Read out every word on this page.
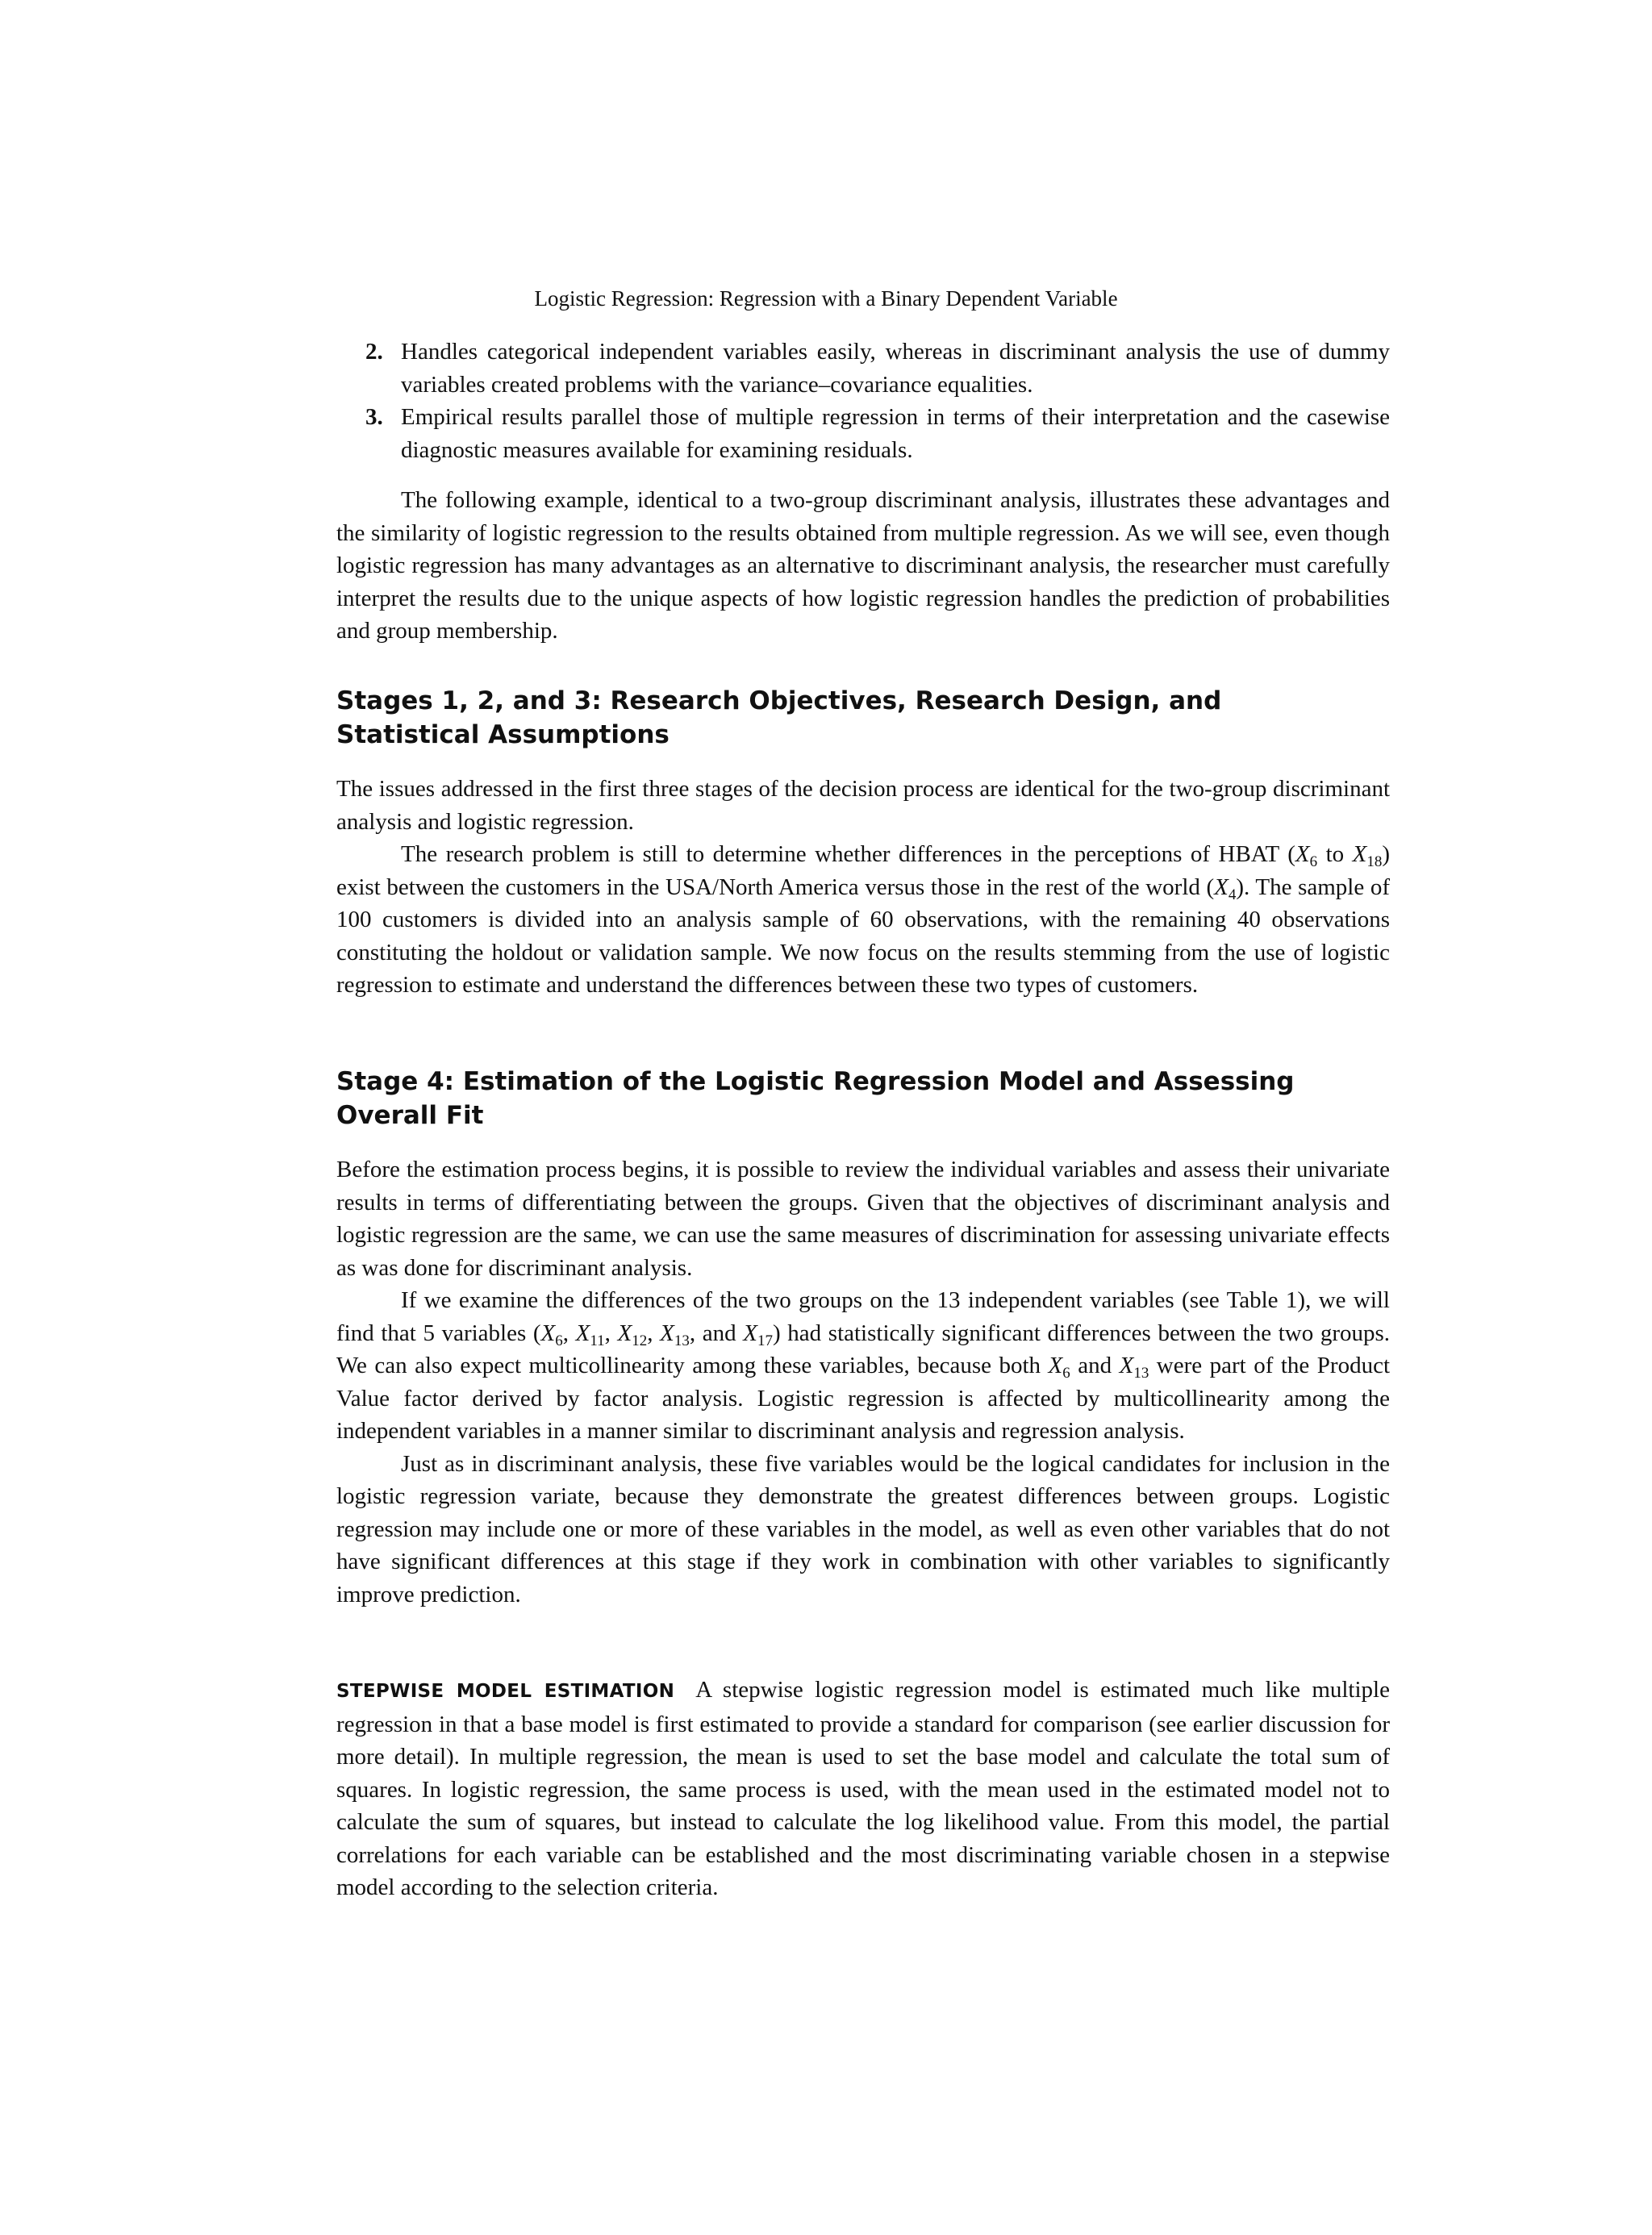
Logistic Regression: Regression with a Binary Dependent Variable
2. Handles categorical independent variables easily, whereas in discriminant analysis the use of dummy variables created problems with the variance–covariance equalities.
3. Empirical results parallel those of multiple regression in terms of their interpretation and the casewise diagnostic measures available for examining residuals.

The following example, identical to a two-group discriminant analysis, illustrates these advantages and the similarity of logistic regression to the results obtained from multiple regression. As we will see, even though logistic regression has many advantages as an alternative to discriminant analysis, the researcher must carefully interpret the results due to the unique aspects of how logistic regression handles the prediction of probabilities and group membership.

Stages 1, 2, and 3: Research Objectives, Research Design, and Statistical Assumptions

The issues addressed in the first three stages of the decision process are identical for the two-group discriminant analysis and logistic regression.

The research problem is still to determine whether differences in the perceptions of HBAT ($X_6$ to $X_{18}$) exist between the customers in the USA/North America versus those in the rest of the world $(X_4)$. The sample of 100 customers is divided into an analysis sample of 60 observations, with the remaining 40 observations constituting the holdout or validation sample. We now focus on the results stemming from the use of logistic regression to estimate and understand the differences between these two types of customers.

Stage 4: Estimation of the Logistic Regression Model and Assessing Overall Fit

Before the estimation process begins, it is possible to review the individual variables and assess their univariate results in terms of differentiating between the groups. Given that the objectives of discriminant analysis and logistic regression are the same, we can use the same measures of discrimination for assessing univariate effects as was done for discriminant analysis.

If we examine the differences of the two groups on the 13 independent variables (see Table 1), we will find that 5 variables ($X_6$, $X_{11}$, $X_{12}$, $X_{13}$, and $X_{17}$) had statistically significant differences between the two groups. We can also expect multicollinearity among these variables, because both $X_6$ and $X_{13}$ were part of the Product Value factor derived by factor analysis. Logistic regression is affected by multicollinearity among the independent variables in a manner similar to discriminant analysis and regression analysis.

Just as in discriminant analysis, these five variables would be the logical candidates for inclusion in the logistic regression variate, because they demonstrate the greatest differences between groups. Logistic regression may include one or more of these variables in the model, as well as even other variables that do not have significant differences at this stage if they work in combination with other variables to significantly improve prediction.

STEPWISE MODEL ESTIMATION A stepwise logistic regression model is estimated much like multiple regression in that a base model is first estimated to provide a standard for comparison (see earlier discussion for more detail). In multiple regression, the mean is used to set the base model and calculate the total sum of squares. In logistic regression, the same process is used, with the mean used in the estimated model not to calculate the sum of squares, but instead to calculate the log likelihood value. From this model, the partial correlations for each variable can be established and the most discriminating variable chosen in a stepwise model according to the selection criteria.
